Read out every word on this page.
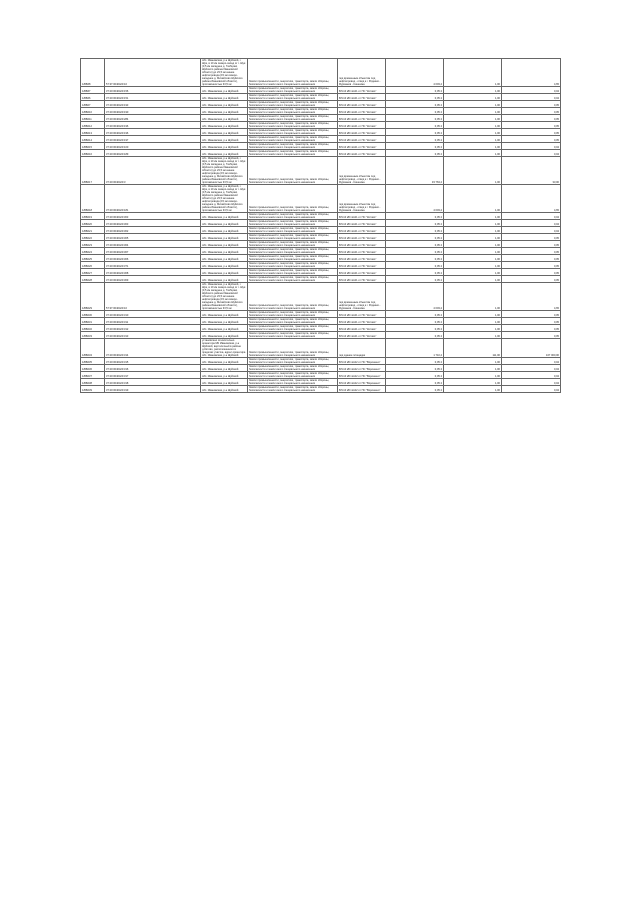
1/ВБ68	57:37:0040420:10	обл. Ивановская, р-н Шуйский, г. Шуя, в 10 км северо-запад от г. Шуя (0,5 км западнее д. Глебцово Шуйского района Ивановской области) до 23,5 км южнее нефтепровода (15 км северо-западнее д. Михайлово Шуйского района Ивановской области), протяжённостью 33,5 км	Земли промышленности, энергетики, транспорта, земли обороны, безопасности и земли иного специального назначения	под временным объектом под нефтепровод - отвод к г. Родники - Фурманов - Кинешма	4 003,4	1,00	4,65
1/ВБ67	37:20:0040420:156	обл. Ивановская, р-н Шуйский	Земли промышленности, энергетики, транспорта, земли обороны, безопасности и земли иного специального назначения	ВЛ-10 кВ №121 от ПС "Китово"	0,05 4	1,00	0,04
1/ВБ66	37:20:0040420:151	обл. Ивановская, р-н Шуйский	Земли промышленности, энергетики, транспорта, земли обороны, безопасности и земли иного специального назначения	ВЛ-10 кВ №121 от ПС "Китово"	0,05 4	1,00	0,04
1/ВБ07	37:20:0040420:193	обл. Ивановская, р-н Шуйский	Земли промышленности, энергетики, транспорта, земли обороны, безопасности и земли иного специального назначения	ВЛ-10 кВ №121 от ПС "Китово"	0,05 4	1,00	0,05
1/ВБ010	37:20:0040420:190	обл. Ивановская, р-н Шуйский	Земли промышленности, энергетики, транспорта, земли обороны, безопасности и земли иного специального назначения	ВЛ-10 кВ №121 от ПС "Китово"	0,05 4	1,00	0,05
1/ВБ011	37:20:0040420:284	обл. Ивановская, р-н Шуйский	Земли промышленности, энергетики, транспорта, земли обороны, безопасности и земли иного специального назначения	ВЛ-10 кВ №121 от ПС "Китово"	0,05 4	1,00	0,05
1/ВБ012	37:20:0040420:196	обл. Ивановская, р-н Шуйский	Земли промышленности, энергетики, транспорта, земли обороны, безопасности и земли иного специального назначения	ВЛ-10 кВ №121 от ПС "Китово"	0,05 4	1,00	0,05
1/ВБ013	37:20:0040420:196	обл. Ивановская, р-н Шуйский	Земли промышленности, энергетики, транспорта, земли обороны, безопасности и земли иного специального назначения	ВЛ-10 кВ №121 от ПС "Китово"	0,05 4	1,00	0,05
1/ВБ014	37:20:0040420:197	обл. Ивановская, р-н Шуйский	Земли промышленности, энергетики, транспорта, земли обороны, безопасности и земли иного специального назначения	ВЛ-10 кВ №121 от ПС "Китово"	0,05 4	1,00	0,05
1/ВБ015	37:20:0040420:100	обл. Ивановская, р-н Шуйский	Земли промышленности, энергетики, транспорта, земли обороны, безопасности и земли иного специального назначения	ВЛ-10 кВ №121 от ПС "Китово"	0,05 4	1,00	0,04
1/ВБ016	37:20:0040420:189	обл. Ивановская, р-н Шуйский	Земли промышленности, энергетики, транспорта, земли обороны, безопасности и земли иного специального назначения	ВЛ-10 кВ №121 от ПС "Китово"	0,05 4	1,00	0,04
1/ВБ017	37:20:0040420:3	обл. Ивановская, р-н Шуйский, г. Шуя, в 10 км северо-запад от г. Шуя (0,5 км западнее д. Глебцово Шуйского района Ивановской области) до 23,5 км южнее нефтепровода (15 км северо-западнее д. Михайлово Шуйского района Ивановской области), протяжённостью 33,5 км	Земли промышленности, энергетики, транспорта, земли обороны, безопасности и земли иного специального назначения	под временным объектом под нефтепровод - отвод к г. Родники - Фурманов - Кинешма	33 763,4	1,00	33,00
1/ВБ018	37:20:0040420:181	обл. Ивановская, р-н Шуйский, г. Шуя, в 10 км северо-запад от г. Шуя (0,5 км западнее д. Глебцово Шуйского района Ивановской области) до 23,5 км южнее нефтепровода (15 км северо-западнее д. Михайлово Шуйского района Ивановской области), протяжённостью 33,5 км	Земли промышленности, энергетики, транспорта, земли обороны, безопасности и земли иного специального назначения	под временным объектом под нефтепровод - отвод к г. Родники - Фурманов - Кинешма	4 003,4	1,00	4,65
1/ВБ019	37:20:0040420:303	обл. Ивановская, р-н Шуйский	Земли промышленности, энергетики, транспорта, земли обороны, безопасности и земли иного специального назначения	ВЛ-10 кВ №121 от ПС "Китово"	0,05 4	1,00	0,04
1/ВБ020	37:20:0040420:303	обл. Ивановская, р-н Шуйский	Земли промышленности, энергетики, транспорта, земли обороны, безопасности и земли иного специального назначения	ВЛ-10 кВ №121 от ПС "Китово"	0,05 4	1,00	0,04
1/ВБ021	37:20:0040420:302	обл. Ивановская, р-н Шуйский	Земли промышленности, энергетики, транспорта, земли обороны, безопасности и земли иного специального назначения	ВЛ-10 кВ №121 от ПС "Китово"	0,05 4	1,00	0,04
1/ВБ022	37:20:0040420:305	обл. Ивановская, р-н Шуйский	Земли промышленности, энергетики, транспорта, земли обороны, безопасности и земли иного специального назначения	ВЛ-10 кВ №121 от ПС "Китово"	0,05 4	1,00	0,05
1/ВБ023	37:20:0040420:304	обл. Ивановская, р-н Шуйский	Земли промышленности, энергетики, транспорта, земли обороны, безопасности и земли иного специального назначения	ВЛ-10 кВ №121 от ПС "Китово"	0,05 4	1,00	0,05
1/ВБ024	37:20:0040420:307	обл. Ивановская, р-н Шуйский	Земли промышленности, энергетики, транспорта, земли обороны, безопасности и земли иного специального назначения	ВЛ-10 кВ №121 от ПС "Китово"	0,05 4	1,00	0,05
1/ВБ025	37:20:0040420:306	обл. Ивановская, р-н Шуйский	Земли промышленности, энергетики, транспорта, земли обороны, безопасности и земли иного специального назначения	ВЛ-10 кВ №121 от ПС "Китово"	0,05 4	1,00	0,05
1/ВБ026	37:20:0040420:371	обл. Ивановская, р-н Шуйский	Земли промышленности, энергетики, транспорта, земли обороны, безопасности и земли иного специального назначения	ВЛ-10 кВ №121 от ПС "Китово"	0,05 4	1,00	0,05
1/ВБ027	37:20:0040420:308	обл. Ивановская, р-н Шуйский	Земли промышленности, энергетики, транспорта, земли обороны, безопасности и земли иного специального назначения	ВЛ-10 кВ №121 от ПС "Китово"	0,05 4	1,00	0,05
1/ВБ028	37:20:0040420:309	обл. Ивановская, р-н Шуйский	Земли промышленности, энергетики, транспорта, земли обороны, безопасности и земли иного специального назначения	ВЛ-10 кВ №121 от ПС "Китово"	0,05 4	1,00	0,05
1/ВБ029	57:37:0040420:10	обл. Ивановская, р-н Шуйский, г. Шуя, в 10 км северо-запад от г. Шуя (0,5 км западнее д. Глебцово Шуйского района Ивановской области) до 23,5 км южнее нефтепровода (15 км северо-западнее д. Михайлово Шуйского района Ивановской области), протяжённостью 33,5 км	Земли промышленности, энергетики, транспорта, земли обороны, безопасности и земли иного специального назначения	под временным объектом под нефтепровод - отвод к г. Родники - Фурманов - Кинешма	4 003,4	1,00	4,65
1/ВБ030	37:20:0040420:310	обл. Ивановская, р-н Шуйский	Земли промышленности, энергетики, транспорта, земли обороны, безопасности и земли иного специального назначения	ВЛ-10 кВ №121 от ПС "Китово"	0,05 4	1,00	0,05
1/ВБ031	37:20:0040420:311	обл. Ивановская, р-н Шуйский	Земли промышленности, энергетики, транспорта, земли обороны, безопасности и земли иного специального назначения	ВЛ-10 кВ №121 от ПС "Китово"	0,05 4	1,00	0,05
1/ВБ032	37:20:0040420:312	обл. Ивановская, р-н Шуйский	Земли промышленности, энергетики, транспорта, земли обороны, безопасности и земли иного специального назначения	ВЛ-10 кВ №121 от ПС "Китово"	0,05 4	1,00	0,05
1/ВБ033	37:20:0040420:313	обл. Ивановская, р-н Шуйский	Земли промышленности, энергетики, транспорта, земли обороны, безопасности и земли иного специального назначения	ВЛ-10 кВ №121 от ПС "Китово"	0,05 4	1,00	0,05
1/ВБ034	37:20:0040420:314	установлено относительно ориентира МК Ивановская, р-н Шуйский, вертолетный в районе д.Китово, расположенного в пределах участка, адрес ориентира обл. Ивановская, р-н Шуйский	Земли промышленности, энергетики, транспорта, земли обороны, безопасности и земли иного специального назначения	под здание площадки	1 710,4	111,00	167 000,00
1/ВБ035	37:20:0040420:315	обл. Ивановская, р-н Шуйский	Земли промышленности, энергетики, транспорта, земли обороны, безопасности и земли иного специального назначения	ВЛ-10 кВ №122 от ПС "Ворошено"	0,05 4	1,00	0,04
1/ВБ036	37:20:0040420:316	обл. Ивановская, р-н Шуйский	Земли промышленности, энергетики, транспорта, земли обороны, безопасности и земли иного специального назначения	ВЛ-10 кВ №122 от ПС "Ворошено"	0,05 4	1,00	0,04
1/ВБ037	37:20:0040420:317	обл. Ивановская, р-н Шуйский	Земли промышленности, энергетики, транспорта, земли обороны, безопасности и земли иного специального назначения	ВЛ-10 кВ №122 от ПС "Ворошено"	0,05 4	1,00	0,04
1/ВБ038	37:20:0040420:318	обл. Ивановская, р-н Шуйский	Земли промышленности, энергетики, транспорта, земли обороны, безопасности и земли иного специального назначения	ВЛ-10 кВ №122 от ПС "Ворошено"	0,05 4	1,00	0,04
1/ВБ039	37:20:0040420:319	обл. Ивановская, р-н Шуйский	Земли промышленности, энергетики, транспорта, земли обороны, безопасности и земли иного специального назначения	ВЛ-10 кВ №122 от ПС "Ворошено"	0,05 4	1,00	0,04
